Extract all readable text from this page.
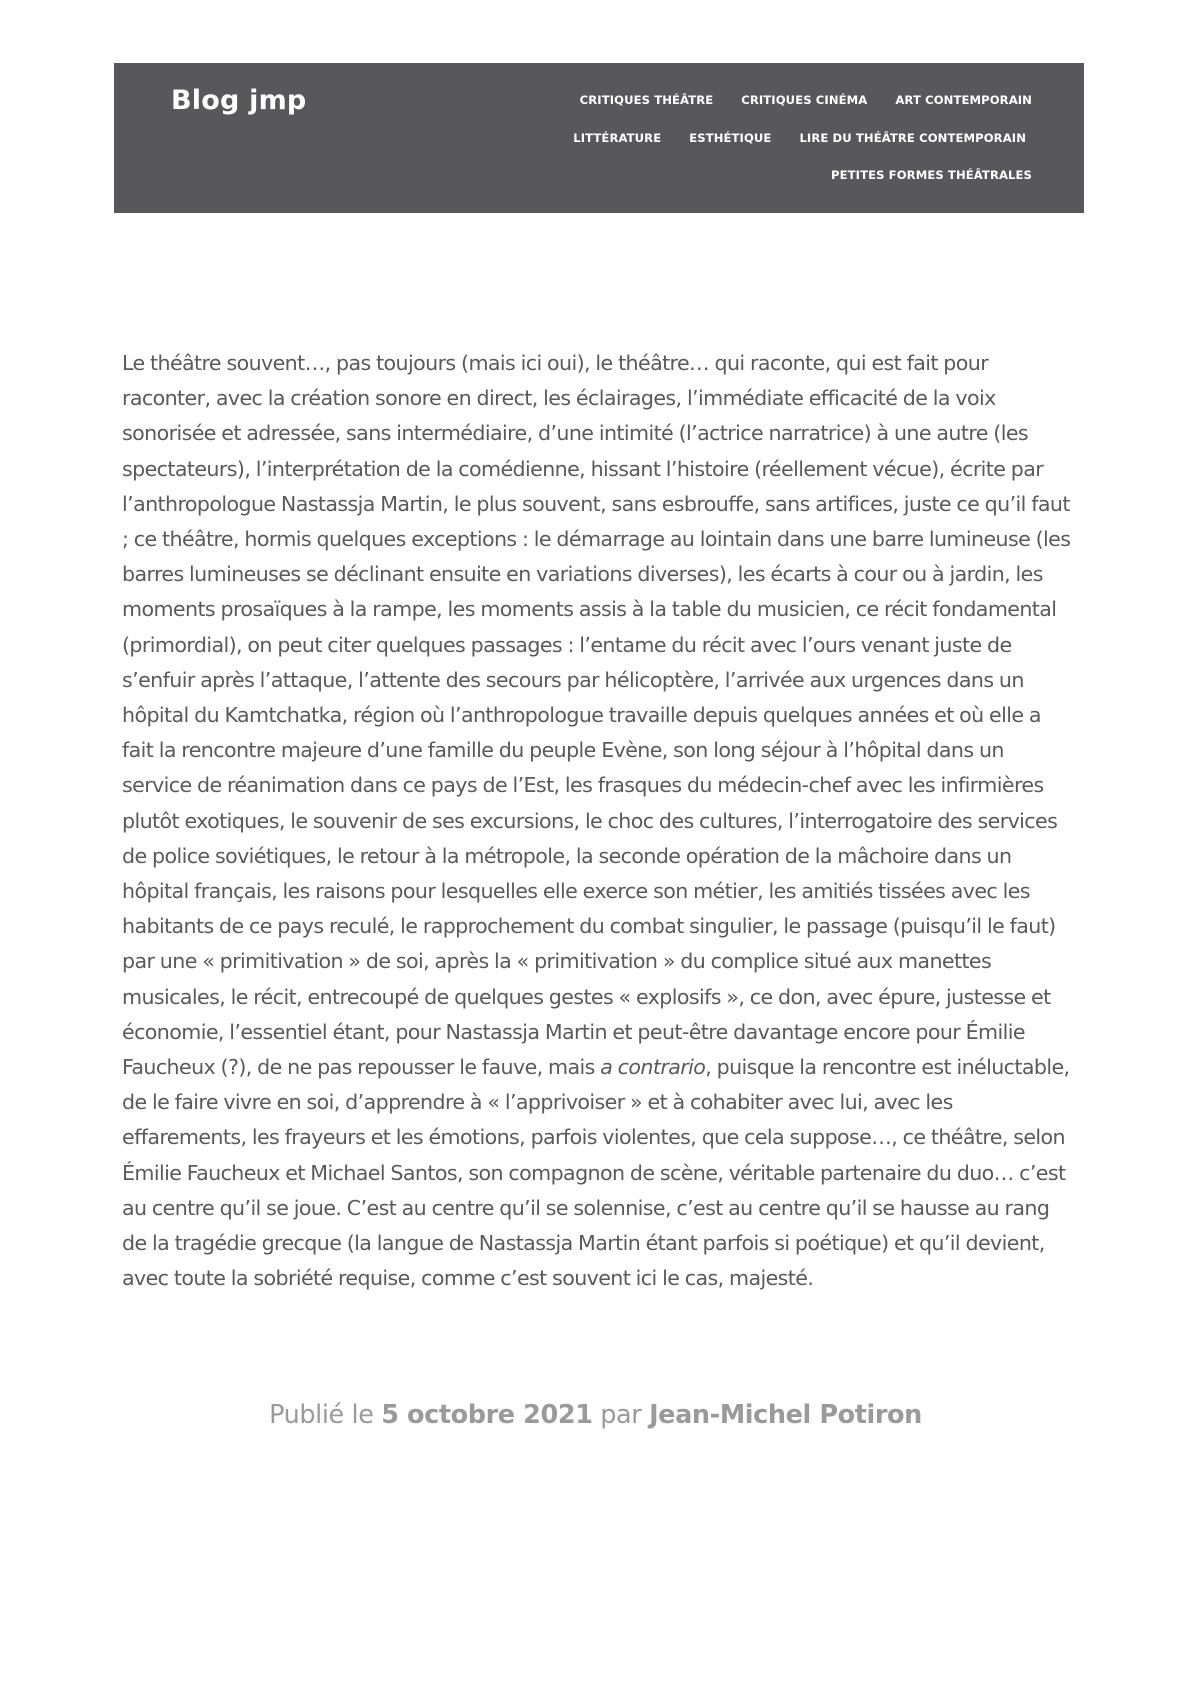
Blog jmp	CRITIQUES THÉÂTRE CRITIQUES CINÉMA ART CONTEMPORAIN
LITTÉRATURE ESTHÉTIQUE LIRE DU THÉÂTRE CONTEMPORAIN
PETITES FORMES THÉÂTRALES

Le théâtre souvent…, pas toujours (mais ici oui), le théâtre… qui raconte, qui est fait pour raconter, avec la création sonore en direct, les éclairages, l’immédiate efficacité de la voix sonorisée et adressée, sans intermédiaire, d’une intimité (l’actrice narratrice) à une autre (les spectateurs), l’interprétation de la comédienne, hissant l’histoire (réellement vécue), écrite par l’anthropologue Nastassja Martin, le plus souvent, sans esbrouffe, sans artifices, juste ce qu’il faut ; ce théâtre, hormis quelques exceptions : le démarrage au lointain dans une barre lumineuse (les barres lumineuses se déclinant ensuite en variations diverses), les écarts à cour ou à jardin, les moments prosaïques à la rampe, les moments assis à la table du musicien, ce récit fondamental (primordial), on peut citer quelques passages : l’entame du récit avec l’ours venant juste de s’enfuir après l’attaque, l’attente des secours par hélicoptère, l’arrivée aux urgences dans un hôpital du Kamtchatka, région où l’anthropologue travaille depuis quelques années et où elle a fait la rencontre majeure d’une famille du peuple Evène, son long séjour à l’hôpital dans un service de réanimation dans ce pays de l’Est, les frasques du médecin-chef avec les infirmières plutôt exotiques, le souvenir de ses excursions, le choc des cultures, l’interrogatoire des services de police soviétiques, le retour à la métropole, la seconde opération de la mâchoire dans un hôpital français, les raisons pour lesquelles elle exerce son métier, les amitiés tissées avec les habitants de ce pays reculé, le rapprochement du combat singulier, le passage (puisqu’il le faut) par une « primitivation » de soi, après la « primitivation » du complice situé aux manettes musicales, le récit, entrecoupé de quelques gestes « explosifs », ce don, avec épure, justesse et économie, l’essentiel étant, pour Nastassja Martin et peut-être davantage encore pour Émilie Faucheux (?), de ne pas repousser le fauve, mais a contrario, puisque la rencontre est inéluctable, de le faire vivre en soi, d’apprendre à « l’apprivoiser » et à cohabiter avec lui, avec les effarements, les frayeurs et les émotions, parfois violentes, que cela suppose…, ce théâtre, selon Émilie Faucheux et Michael Santos, son compagnon de scène, véritable partenaire du duo… c’est au centre qu’il se joue. C’est au centre qu’il se solennise, c’est au centre qu’il se hausse au rang de la tragédie grecque (la langue de Nastassja Martin étant parfois si poétique) et qu’il devient, avec toute la sobriété requise, comme c’est souvent ici le cas, majesté.

Publié le 5 octobre 2021 par Jean-Michel Potiron
